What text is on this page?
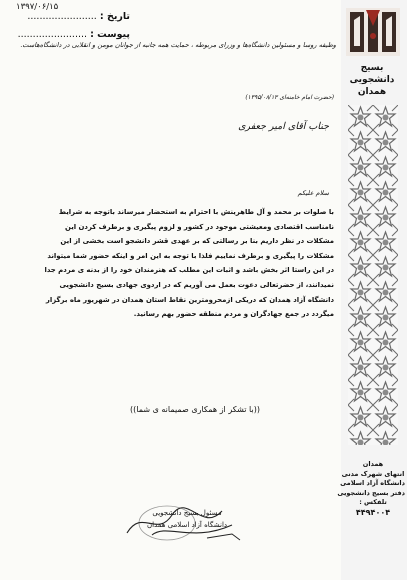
۱۳۹۷/۰۶/۱۵
تاریخ : .......................
پیوست : .......................
وظیفه روسا و مسئولین دانشگاه‌ها و وزرای مربوطه ، حمایت همه جانبه از جوانان مومن و انقلابی در دانشگاه‌هاست.
(حضرت امام خامنه‌ای ۱۳۹۵/۰۸/۱۳)
جناب آقای امیر جعفری
سلام علیکم

با صلوات بر محمد و آل طاهرینش با احترام به استحضار میرساند باتوجه به شرایط

نامناسب اقتصادی ومعیشتی موجود در کشور و لزوم پیگیری و برطرف کردن این

مشکلات در نظر داریم بنا بر رسالتی که بر عهدی قشر دانشجو است بخشی از این

مشکلات را پیگیری و برطرف نماییم فلذا با توجه به این امر و اینکه حضور شما میتواند

در این راستا اثر بخش باشد و اثبات این مطلب که هنرمندان خود را از بدنه ی مردم جدا

نمیدانند، از حضرتعالی دعوت بعمل می آوریم که در اردوی جهادی بسیج دانشجویی

دانشگاه آزاد همدان که دریکی ازمحرومترین نقاط استان همدان در شهریور ماه برگزار

میگردد در جمع جهادگران و مردم منطقه حضور بهم رسانید.

((با تشکر از همکاری صمیمانه ی شما))
مسئول بسیج دانشجویی
دانشگاه آزاد اسلامی همدان
بسیج
دانشجویی
همدان
همدان
انتهای شهرک مدنی
دانشگاه آزاد اسلامی
دفتر بسیج دانشجویی
تلفکس :
۴۴۹۴۰۰۴
